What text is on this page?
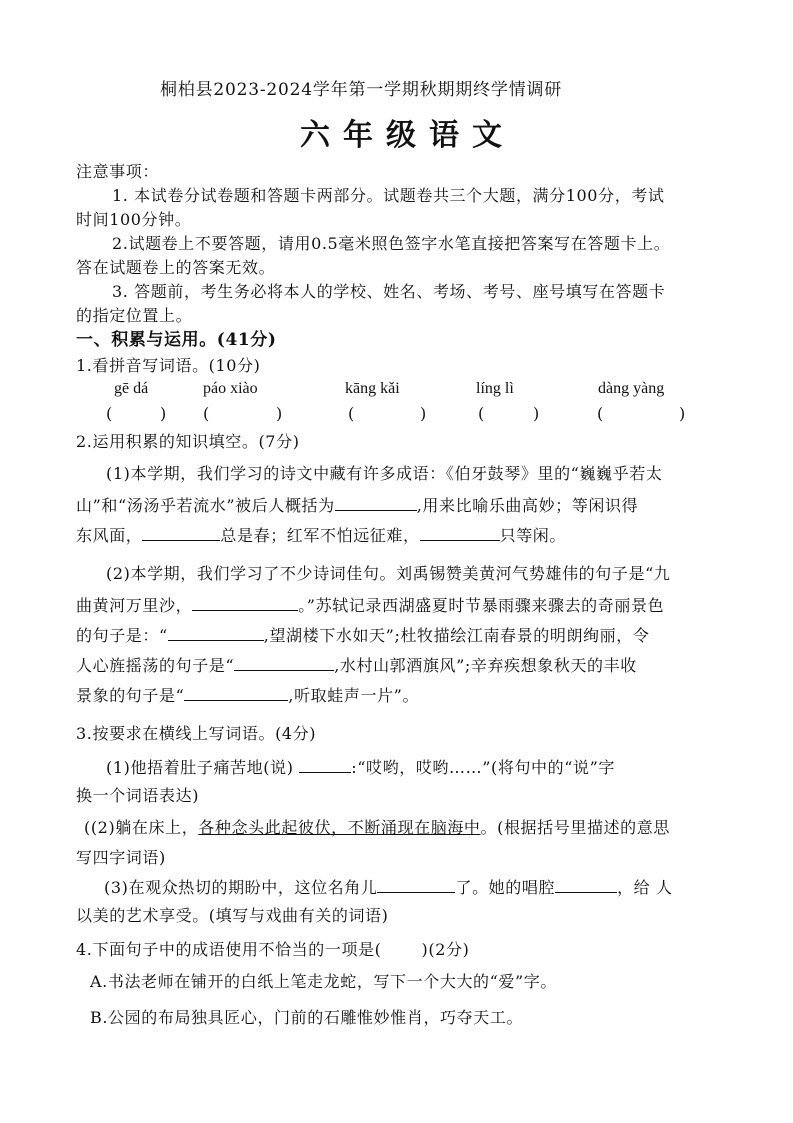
桐柏县2023-2024学年第一学期秋期期终学情调研
六年级语文
注意事项：
1. 本试卷分试卷题和答题卡两部分。试题卷共三个大题，满分100分，考试
时间100分钟。
2.试题卷上不要答题，请用0.5毫米照色签字水笔直接把答案写在答题卡上。
答在试题卷上的答案无效。
3. 答题前，考生务必将本人的学校、姓名、考场、考号、座号填写在答题卡
的指定位置上。
一、积累与运用。(41分)
1.看拼音写词语。(10分)
gē dá	páo xiào	kāng kǎi	líng lì	dàng yàng
(	) (	)	(	)	(	)	(	)
2.运用积累的知识填空。(7分)
(1)本学期，我们学习的诗文中藏有许多成语：《伯牙鼓琴》里的“巍巍乎若太
山”和“汤汤乎若流水”被后人概括为	,用来比喻乐曲高妙；等闲识得
东风面，	总是春；红军不怕远征难，	只等闲。
(2)本学期，我们学习了不少诗词佳句。刘禹锡赞美黄河气势雄伟的句子是“九
曲黄河万里沙，	。”苏轼记录西湖盛夏时节暴雨骤来骤去的奇丽景色
的句子是：“	,望湖楼下水如天”;杜牧描绘江南春景的明朗绚丽，令
人心旌摇荡的句子是“	,水村山郭酒旗风”;辛弃疾想象秋天的丰收
景象的句子是“	,听取蛙声一片”。
3.按要求在横线上写词语。(4分)
(1)他捂着肚子痛苦地(说)	:“哎哟，哎哟……”(将句中的“说”字
换一个词语表达)
((2)躺在床上，各种念头此起彼伏，不断涌现在脑海中。(根据括号里描述的意思
写四字词语)
(3)在观众热切的期盼中，这位名角儿	了。她的唱腔	，给 人
以美的艺术享受。(填写与戏曲有关的词语)
4.下面句子中的成语使用不恰当的一项是(	)(2分)
A.书法老师在铺开的白纸上笔走龙蛇，写下一个大大的“爱”字。
B.公园的布局独具匠心，门前的石雕惟妙惟肖，巧夺天工。
